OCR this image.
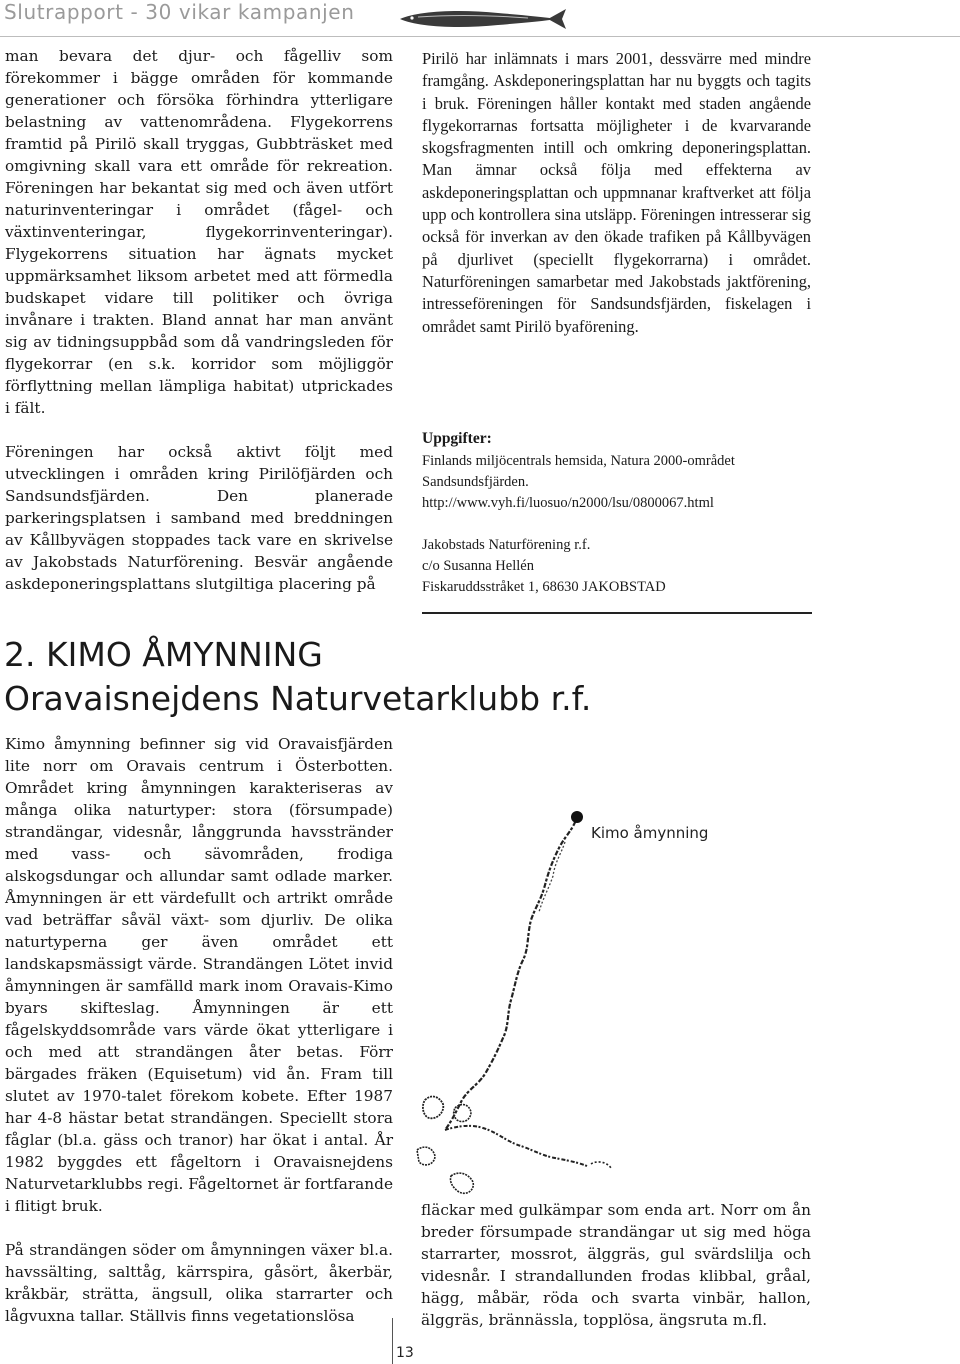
Slutrapport - 30 vikar kampanjen

man bevara det djur- och fågelliv som förekommer i bägge områden för kommande generationer och försöka förhindra ytterligare belastning av vattenområdena. Flygekorrens framtid på Pirilö skall tryggas, Gubbträsket med omgivning skall vara ett område för rekreation. Föreningen har bekantat sig med och även utfört naturinventeringar i området (fågel- och växtinventeringar, flygekorrinventeringar). Flygekorrens situation har ägnats mycket uppmärksamhet liksom arbetet med att förmedla budskapet vidare till politiker och övriga invånare i trakten. Bland annat har man använt sig av tidningsuppbåd som då vandringsleden för flygekorrar (en s.k. korridor som möjliggör förflyttning mellan lämpliga habitat) utprickades i fält.

Föreningen har också aktivt följt med utvecklingen i områden kring Pirilöfjärden och Sandsundsfjärden. Den planerade parkeringsplatsen i samband med breddningen av Kållbyvägen stoppades tack vare en skrivelse av Jakobstads Naturförening. Besvär angående askdeponeringsplattans slutgiltiga placering på

Pirilö har inlämnats i mars 2001, dessvärre med mindre framgång. Askdeponeringsplattan har nu byggts och tagits i bruk. Föreningen håller kontakt med staden angående flygekorrarnas fortsatta möjligheter i de kvarvarande skogsfragmenten intill och omkring deponeringsplattan. Man ämnar också följa med effekterna av askdeponeringsplattan och uppmnanar kraftverket att följa upp och kontrollera sina utsläpp. Föreningen intresserar sig också för inverkan av den ökade trafiken på Kållbyvägen på djurlivet (speciellt flygekorrarna) i området. Naturföreningen samarbetar med Jakobstads jaktförening, intresseföreningen för Sandsundsfjärden, fiskelagen i området samt Pirilö byaförening.

Uppgifter:

Finlands miljöcentrals hemsida, Natura 2000-området Sandsundsfjärden.

http://www.vyh.fi/luosuo/n2000/lsu/0800067.html

Jakobstads Naturförening r.f.

c/o Susanna Hellén

Fiskaruddsstråket 1, 68630 JAKOBSTAD

2. KIMO ÅMYNNING
Oravaisnejdens Naturvetarklubb r.f.

Kimo åmynning befinner sig vid Oravaisfjärden lite norr om Oravais centrum i Österbotten. Området kring åmynningen karakteriseras av många olika naturtyper: stora (försumpade) strandängar, videsnår, långgrunda havsstränder med vass- och sävområden, frodiga alskogsdungar och allundar samt odlade marker. Åmynningen är ett värdefullt och artrikt område vad beträffar såväl växt- som djurliv. De olika naturtyperna ger även området ett landskapsmässigt värde. Strandängen Lötet invid åmynningen är samfälld mark inom Oravais-Kimo byars skifteslag. Åmynningen är ett fågelskyddsområde vars värde ökat ytterligare i och med att strandängen åter betas. Förr bärgades fräken (Equisetum) vid ån. Fram till slutet av 1970-talet förekom kobete. Efter 1987 har 4-8 hästar betat strandängen. Speciellt stora fåglar (bl.a. gäss och tranor) har ökat i antal. År 1982 byggdes ett fågeltorn i Oravaisnejdens Naturvetarklubbs regi. Fågeltornet är fortfarande i flitigt bruk.

På strandängen söder om åmynningen växer bl.a. havssälting, salttåg, kärrspira, gåsört, åkerbär, kråkbär, strätta, ängsull, olika starrarter och lågvuxna tallar. Ställvis finns vegetationslösa

Kimo åmynning

fläckar med gulkämpar som enda art. Norr om ån breder försumpade strandängar ut sig med höga starrarter, mossrot, älggräs, gul svärdslilja och videsnår. I strandallunden frodas klibbal, gråal, hägg, måbär, röda och svarta vinbär, hallon, älggräs, brännässla, topplösa, ängsruta m.fl.

13
